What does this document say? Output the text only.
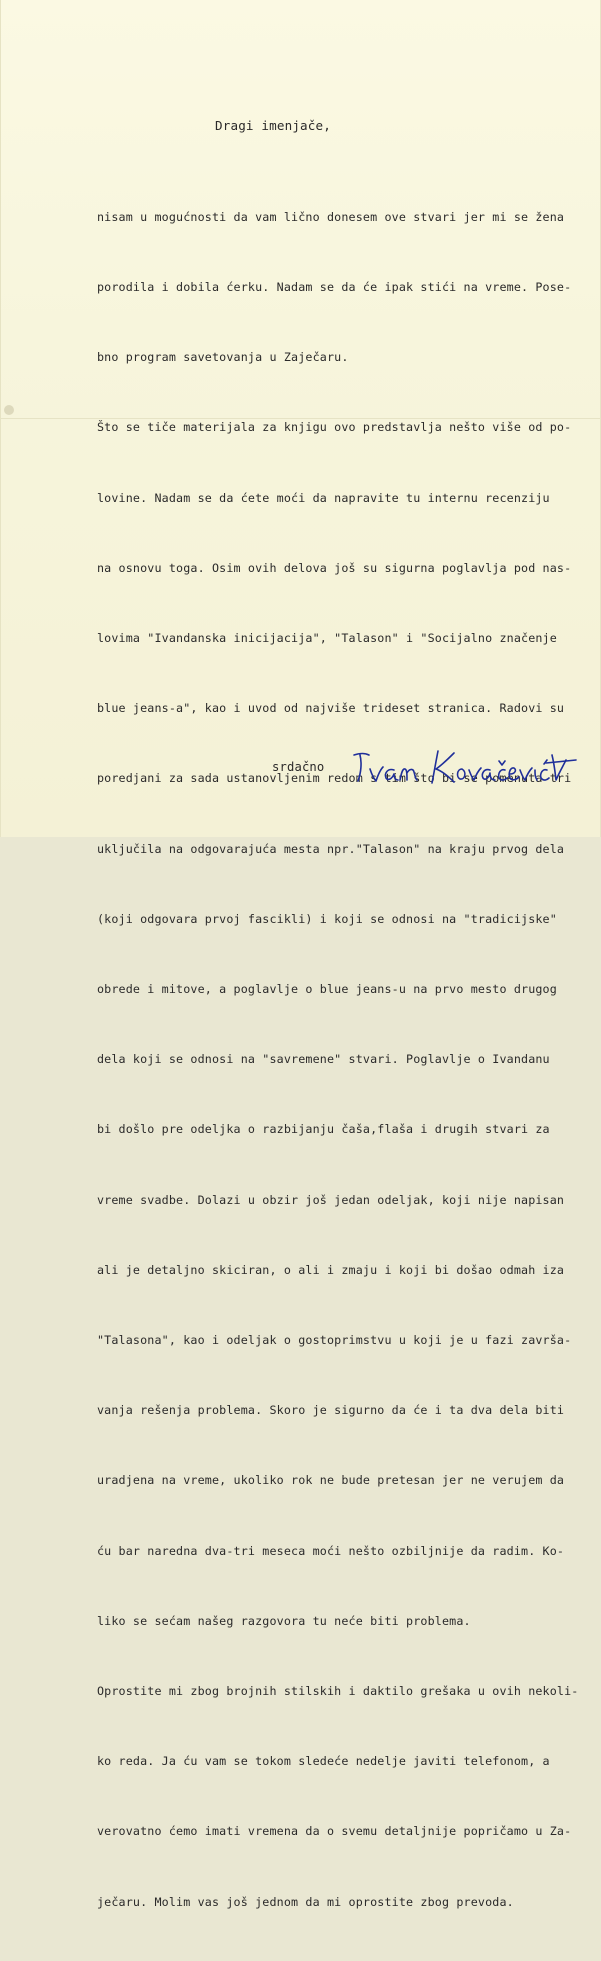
Dragi imenjače,

nisam u mogućnosti da vam lično donesem ove stvari jer mi se žena

porodila i dobila ćerku. Nadam se da će ipak stići na vreme. Pose-

bno program savetovanja u Zaječaru.

Što se tiče materijala za knjigu ovo predstavlja nešto više od po-

lovine. Nadam se da ćete moći da napravite tu internu recenziju

na osnovu toga. Osim ovih delova još su sigurna poglavlja pod nas-

lovima "Ivandanska inicijacija", "Talason" i "Socijalno značenje

blue jeans-a", kao i uvod od najviše trideset stranica. Radovi su

poredjani za sada ustanovljenim redom s tim što bi se pomenuta tri

uključila na odgovarajuća mesta npr."Talason" na kraju prvog dela

(koji odgovara prvoj fascikli) i koji se odnosi na "tradicijske"

obrede i mitove, a poglavlje o blue jeans-u na prvo mesto drugog

dela koji se odnosi na "savremene" stvari. Poglavlje o Ivandanu

bi došlo pre odeljka o razbijanju čaša,flaša i drugih stvari za

vreme svadbe. Dolazi u obzir još jedan odeljak, koji nije napisan

ali je detaljno skiciran, o ali i zmaju i koji bi došao odmah iza

"Talasona", kao i odeljak o gostoprimstvu u koji je u fazi završa-

vanja rešenja problema. Skoro je sigurno da će i ta dva dela biti

uradjena na vreme, ukoliko rok ne bude pretesan jer ne verujem da

ću bar naredna dva-tri meseca moći nešto ozbiljnije da radim. Ko-

liko se sećam našeg razgovora tu neće biti problema.

Oprostite mi zbog brojnih stilskih i daktilo grešaka u ovih nekoli-

ko reda. Ja ću vam se tokom sledeće nedelje javiti telefonom, a

verovatno ćemo imati vremena da o svemu detaljnije popričamo u Za-

ječaru. Molim vas još jednom da mi oprostite zbog prevoda.

srdačno
